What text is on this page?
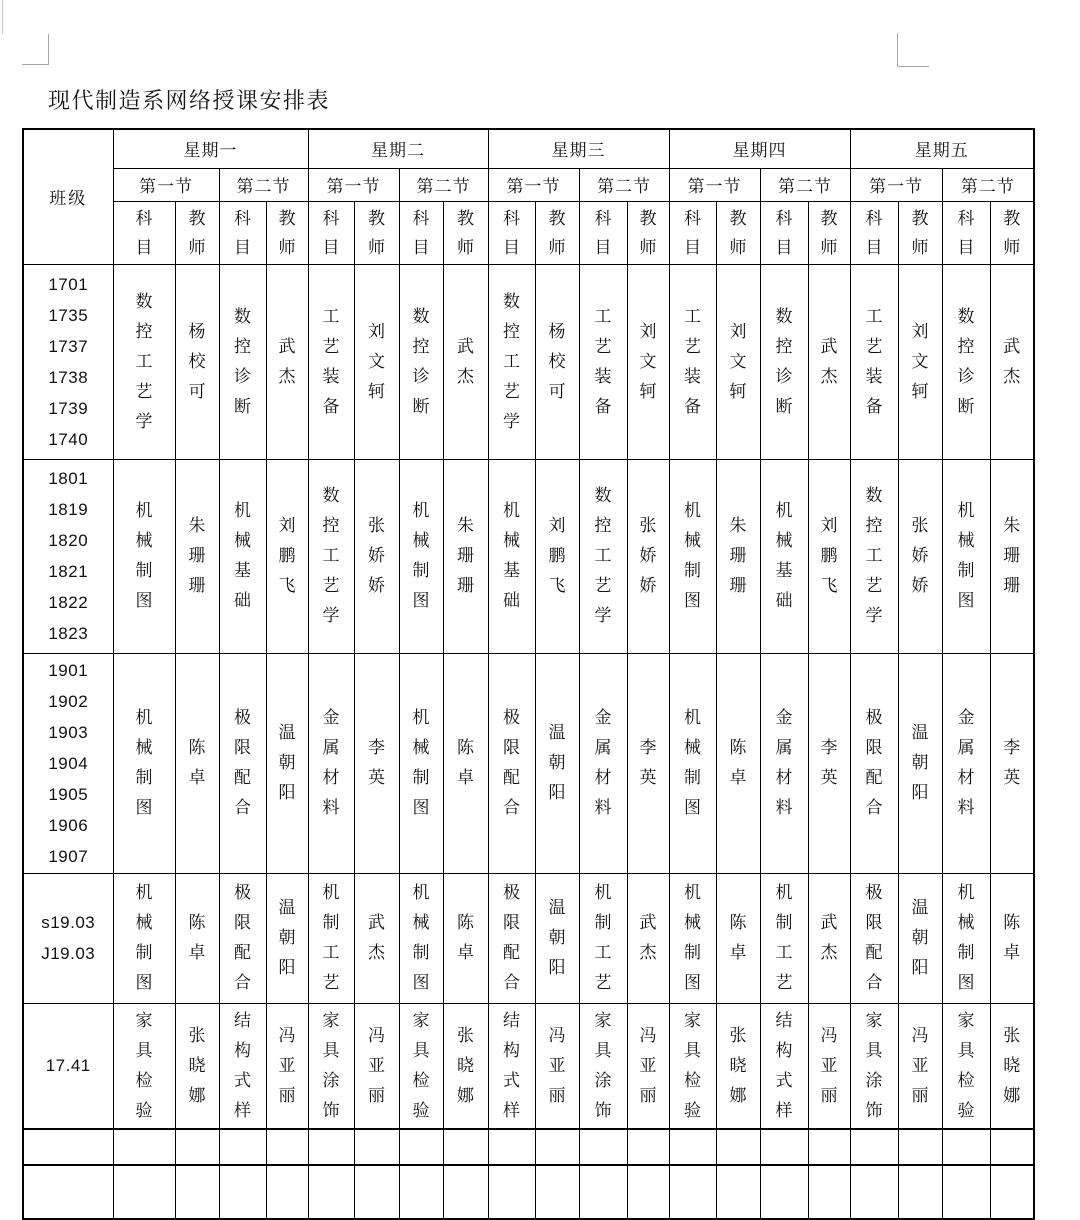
现代制造系网络授课安排表
班级	星期一				星期二				星期三				星期四				星期五			
	第一节		第二节		第一节		第二节		第一节		第二节		第一节		第二节		第一节		第二节	
	科目	教师	科目	教师	科目	教师	科目	教师	科目	教师	科目	教师	科目	教师	科目	教师	科目	教师	科目	教师
1701
1735
1737
1738
1739
1740	数控工艺学	杨校可	数控诊断	武杰	工艺装备	刘文轲	数控诊断	武杰	数控工艺学	杨校可	工艺装备	刘文轲	工艺装备	刘文轲	数控诊断	武杰	工艺装备	刘文轲	数控诊断	武杰
1801
1819
1820
1821
1822
1823	机械制图	朱珊珊	机械基础	刘鹏飞	数控工艺学	张娇娇	机械制图	朱珊珊	机械基础	刘鹏飞	数控工艺学	张娇娇	机械制图	朱珊珊	机械基础	刘鹏飞	数控工艺学	张娇娇	机械制图	朱珊珊
1901
1902
1903
1904
1905
1906
1907	机械制图	陈卓	极限配合	温朝阳	金属材料	李英	机械制图	陈卓	极限配合	温朝阳	金属材料	李英	机械制图	陈卓	金属材料	李英	极限配合	温朝阳	金属材料	李英
s19.03
J19.03	机械制图	陈卓	极限配合	温朝阳	机制工艺	武杰	机械制图	陈卓	极限配合	温朝阳	机制工艺	武杰	机械制图	陈卓	机制工艺	武杰	极限配合	温朝阳	机械制图	陈卓
17.41	家具检验	张晓娜	结构式样	冯亚丽	家具涂饰	冯亚丽	家具检验	张晓娜	结构式样	冯亚丽	家具涂饰	冯亚丽	家具检验	张晓娜	结构式样	冯亚丽	家具涂饰	冯亚丽	家具检验	张晓娜
